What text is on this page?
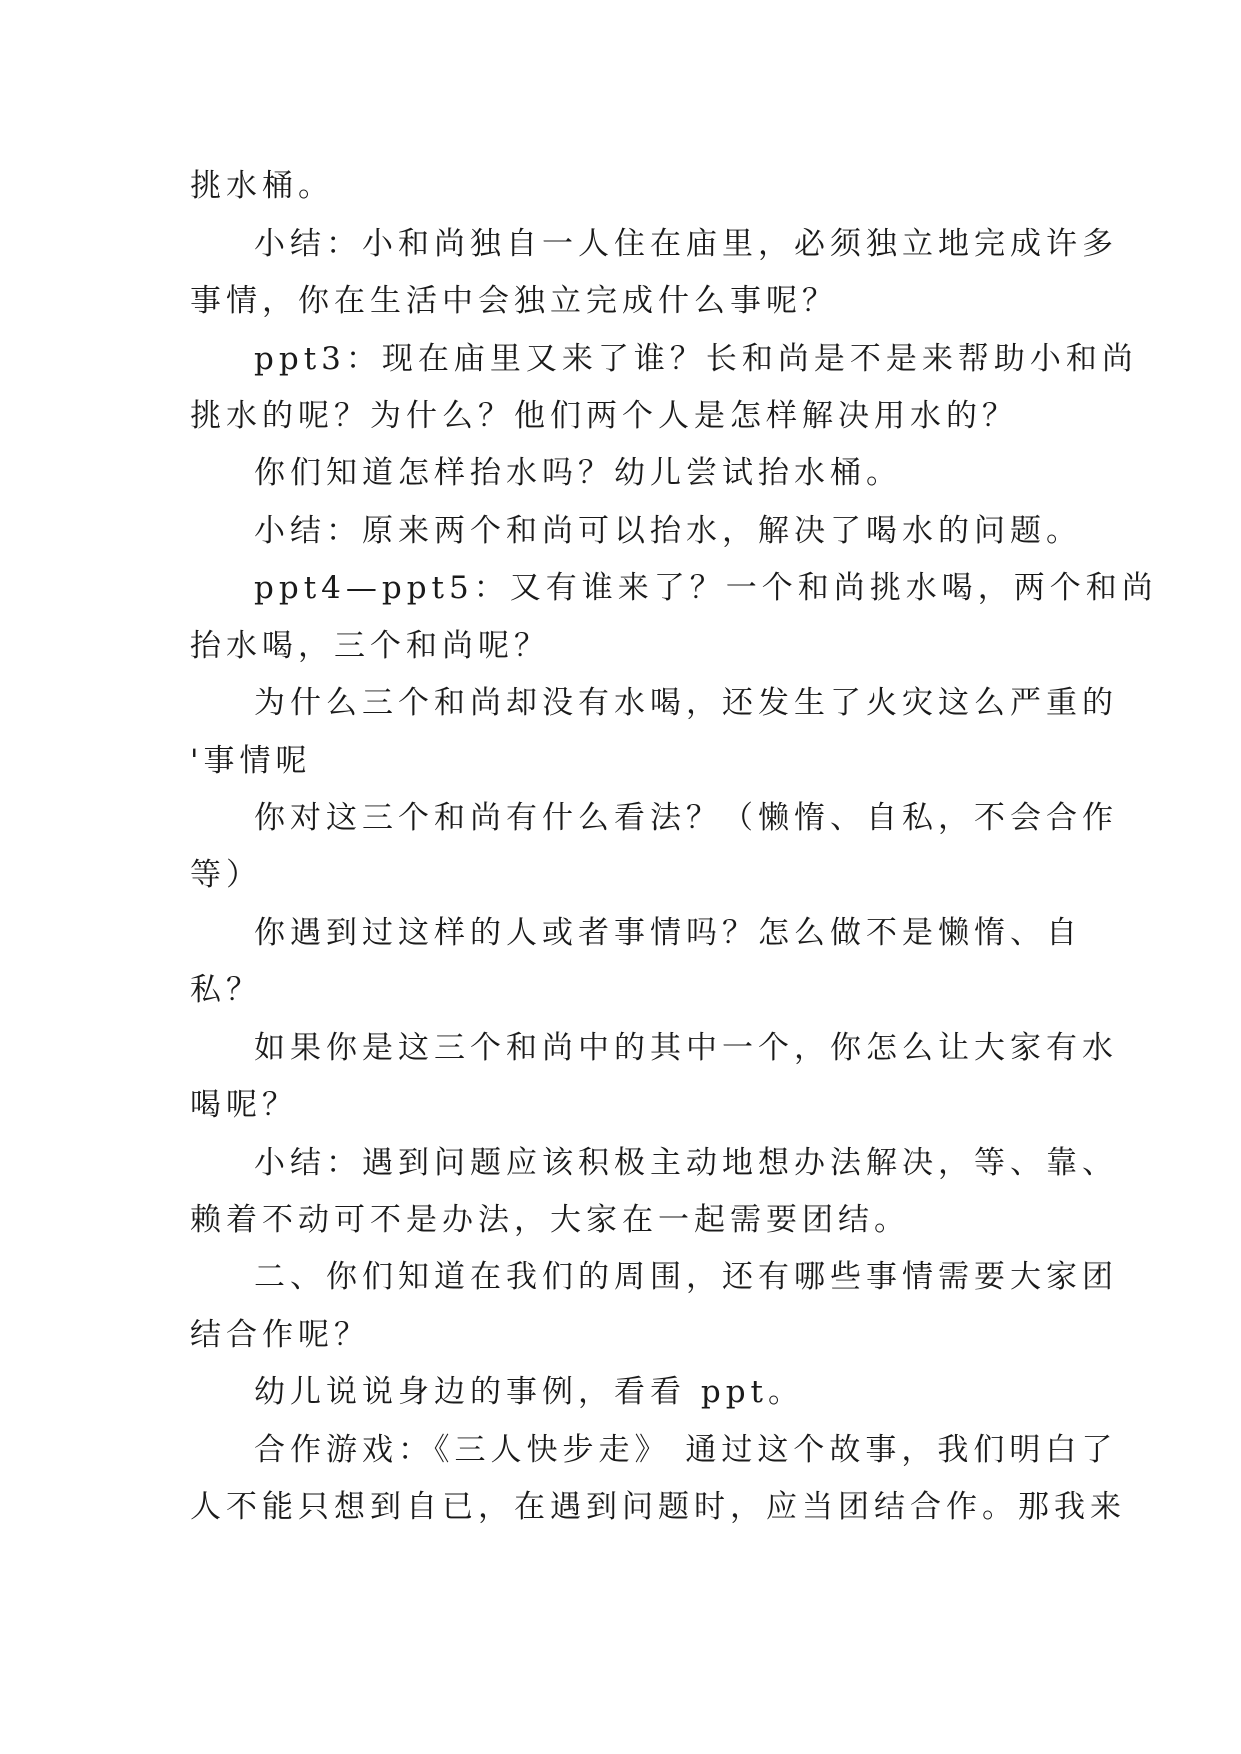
挑水桶。
小结：小和尚独自一人住在庙里，必须独立地完成许多
事情，你在生活中会独立完成什么事呢？
ppt3：现在庙里又来了谁？长和尚是不是来帮助小和尚
挑水的呢？为什么？他们两个人是怎样解决用水的？
你们知道怎样抬水吗？幼儿尝试抬水桶。
小结：原来两个和尚可以抬水，解决了喝水的问题。
ppt4—ppt5：又有谁来了？一个和尚挑水喝，两个和尚
抬水喝，三个和尚呢？
为什么三个和尚却没有水喝，还发生了火灾这么严重的
'事情呢
你对这三个和尚有什么看法？（懒惰、自私，不会合作
等）
你遇到过这样的人或者事情吗？怎么做不是懒惰、自
私？
如果你是这三个和尚中的其中一个，你怎么让大家有水
喝呢？
小结：遇到问题应该积极主动地想办法解决，等、靠、
赖着不动可不是办法，大家在一起需要团结。
二、你们知道在我们的周围，还有哪些事情需要大家团
结合作呢？
幼儿说说身边的事例，看看 ppt。
合作游戏：《三人快步走》 通过这个故事，我们明白了
人不能只想到自已，在遇到问题时，应当团结合作。那我来
